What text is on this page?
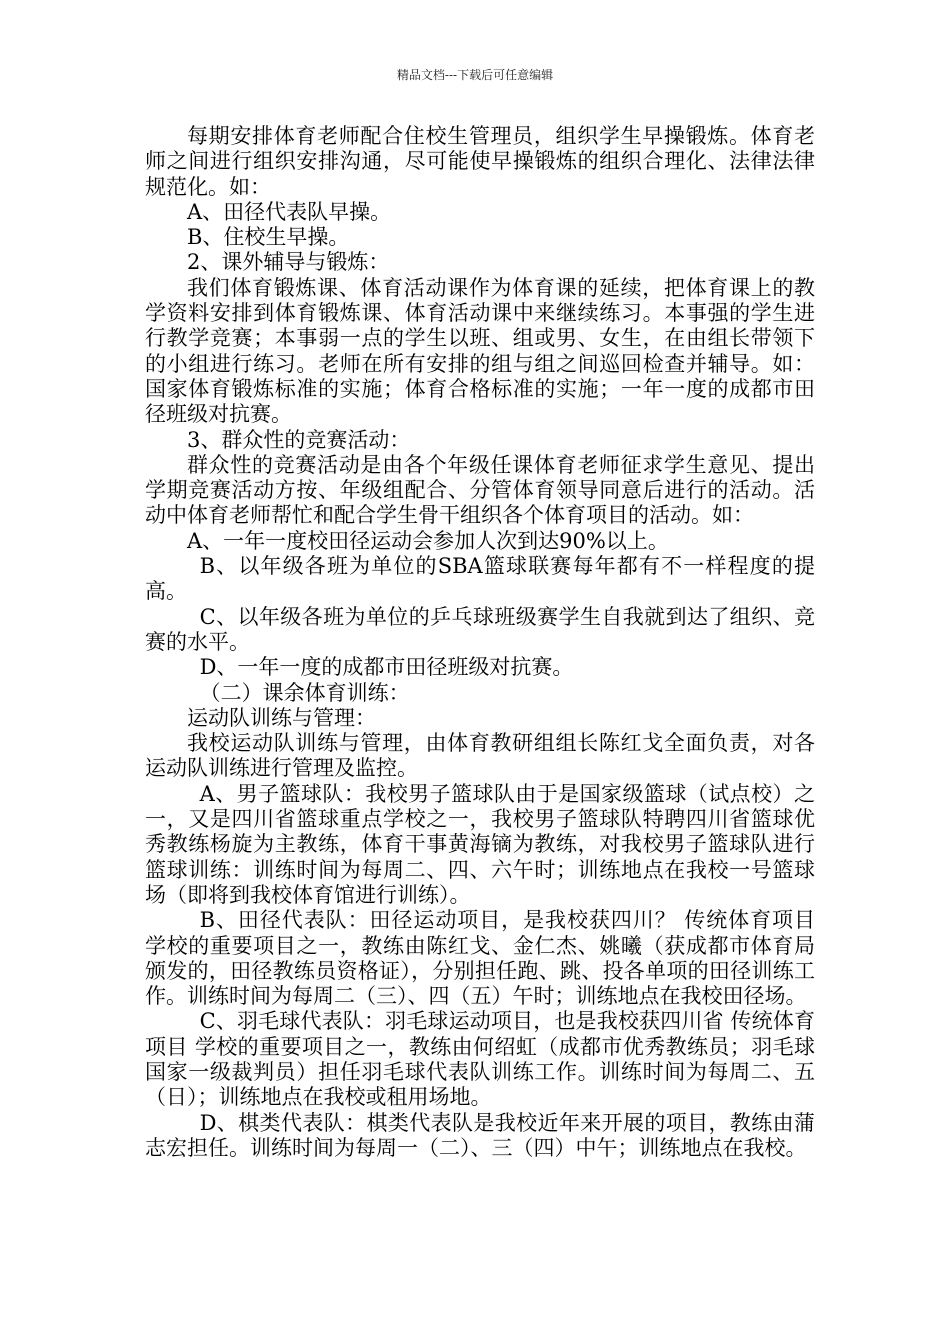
精品文档---下载后可任意编辑

每期安排体育老师配合住校生管理员，组织学生早操锻炼。体育老师之间进行组织安排沟通，尽可能使早操锻炼的组织合理化、法律法律规范化。如：

A、田径代表队早操。

B、住校生早操。

2、课外辅导与锻炼：

我们体育锻炼课、体育活动课作为体育课的延续，把体育课上的教学资料安排到体育锻炼课、体育活动课中来继续练习。本事强的学生进行教学竞赛；本事弱一点的学生以班、组或男、女生，在由组长带领下的小组进行练习。老师在所有安排的组与组之间巡回检查并辅导。如：国家体育锻炼标准的实施；体育合格标准的实施；一年一度的成都市田径班级对抗赛。

3、群众性的竞赛活动：

群众性的竞赛活动是由各个年级任课体育老师征求学生意见、提出学期竞赛活动方按、年级组配合、分管体育领导同意后进行的活动。活动中体育老师帮忙和配合学生骨干组织各个体育项目的活动。如：

A、一年一度校田径运动会参加人次到达90%以上。

B、以年级各班为单位的SBA篮球联赛每年都有不一样程度的提高。

C、以年级各班为单位的乒乓球班级赛学生自我就到达了组织、竞赛的水平。

D、一年一度的成都市田径班级对抗赛。

（二）课余体育训练：

运动队训练与管理：

我校运动队训练与管理，由体育教研组组长陈红戈全面负责，对各运动队训练进行管理及监控。

A、男子篮球队：我校男子篮球队由于是国家级篮球（试点校）之一，又是四川省篮球重点学校之一，我校男子篮球队特聘四川省篮球优秀教练杨旋为主教练，体育干事黄海镝为教练，对我校男子篮球队进行篮球训练：训练时间为每周二、四、六午时；训练地点在我校一号篮球场（即将到我校体育馆进行训练）。

B、田径代表队：田径运动项目，是我校获四川？ 传统体育项目 学校的重要项目之一，教练由陈红戈、金仁杰、姚曦（获成都市体育局颁发的，田径教练员资格证），分别担任跑、跳、投各单项的田径训练工作。训练时间为每周二（三）、四（五）午时；训练地点在我校田径场。

C、羽毛球代表队：羽毛球运动项目，也是我校获四川省 传统体育项目 学校的重要项目之一，教练由何绍虹（成都市优秀教练员；羽毛球国家一级裁判员）担任羽毛球代表队训练工作。训练时间为每周二、五（日）；训练地点在我校或租用场地。

D、棋类代表队：棋类代表队是我校近年来开展的项目，教练由蒲志宏担任。训练时间为每周一（二）、三（四）中午；训练地点在我校。
